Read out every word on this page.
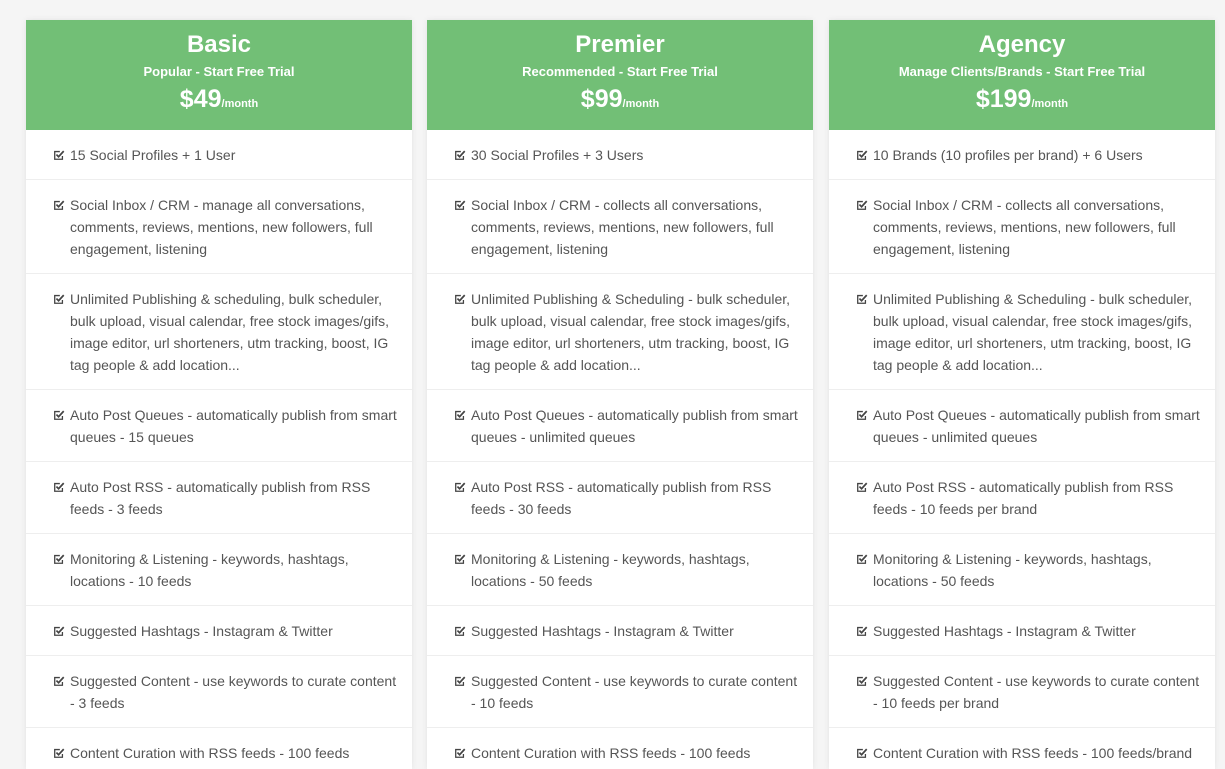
Basic
Popular - Start Free Trial
$49/month
15 Social Profiles + 1 User
Social Inbox / CRM - manage all conversations, comments, reviews, mentions, new followers, full engagement, listening
Unlimited Publishing & scheduling, bulk scheduler, bulk upload, visual calendar, free stock images/gifs, image editor, url shorteners, utm tracking, boost, IG tag people & add location...
Auto Post Queues - automatically publish from smart queues - 15 queues
Auto Post RSS - automatically publish from RSS feeds - 3 feeds
Monitoring & Listening - keywords, hashtags, locations - 10 feeds
Suggested Hashtags - Instagram & Twitter
Suggested Content - use keywords to curate content - 3 feeds
Content Curation with RSS feeds - 100 feeds
Premier
Recommended - Start Free Trial
$99/month
30 Social Profiles + 3 Users
Social Inbox / CRM - collects all conversations, comments, reviews, mentions, new followers, full engagement, listening
Unlimited Publishing & Scheduling - bulk scheduler, bulk upload, visual calendar, free stock images/gifs, image editor, url shorteners, utm tracking, boost, IG tag people & add location...
Auto Post Queues - automatically publish from smart queues - unlimited queues
Auto Post RSS - automatically publish from RSS feeds - 30 feeds
Monitoring & Listening - keywords, hashtags, locations - 50 feeds
Suggested Hashtags - Instagram & Twitter
Suggested Content - use keywords to curate content - 10 feeds
Content Curation with RSS feeds - 100 feeds
Agency
Manage Clients/Brands - Start Free Trial
$199/month
10 Brands (10 profiles per brand) + 6 Users
Social Inbox / CRM - collects all conversations, comments, reviews, mentions, new followers, full engagement, listening
Unlimited Publishing & Scheduling - bulk scheduler, bulk upload, visual calendar, free stock images/gifs, image editor, url shorteners, utm tracking, boost, IG tag people & add location...
Auto Post Queues - automatically publish from smart queues - unlimited queues
Auto Post RSS - automatically publish from RSS feeds - 10 feeds per brand
Monitoring & Listening - keywords, hashtags, locations - 50 feeds
Suggested Hashtags - Instagram & Twitter
Suggested Content - use keywords to curate content - 10 feeds per brand
Content Curation with RSS feeds - 100 feeds/brand
